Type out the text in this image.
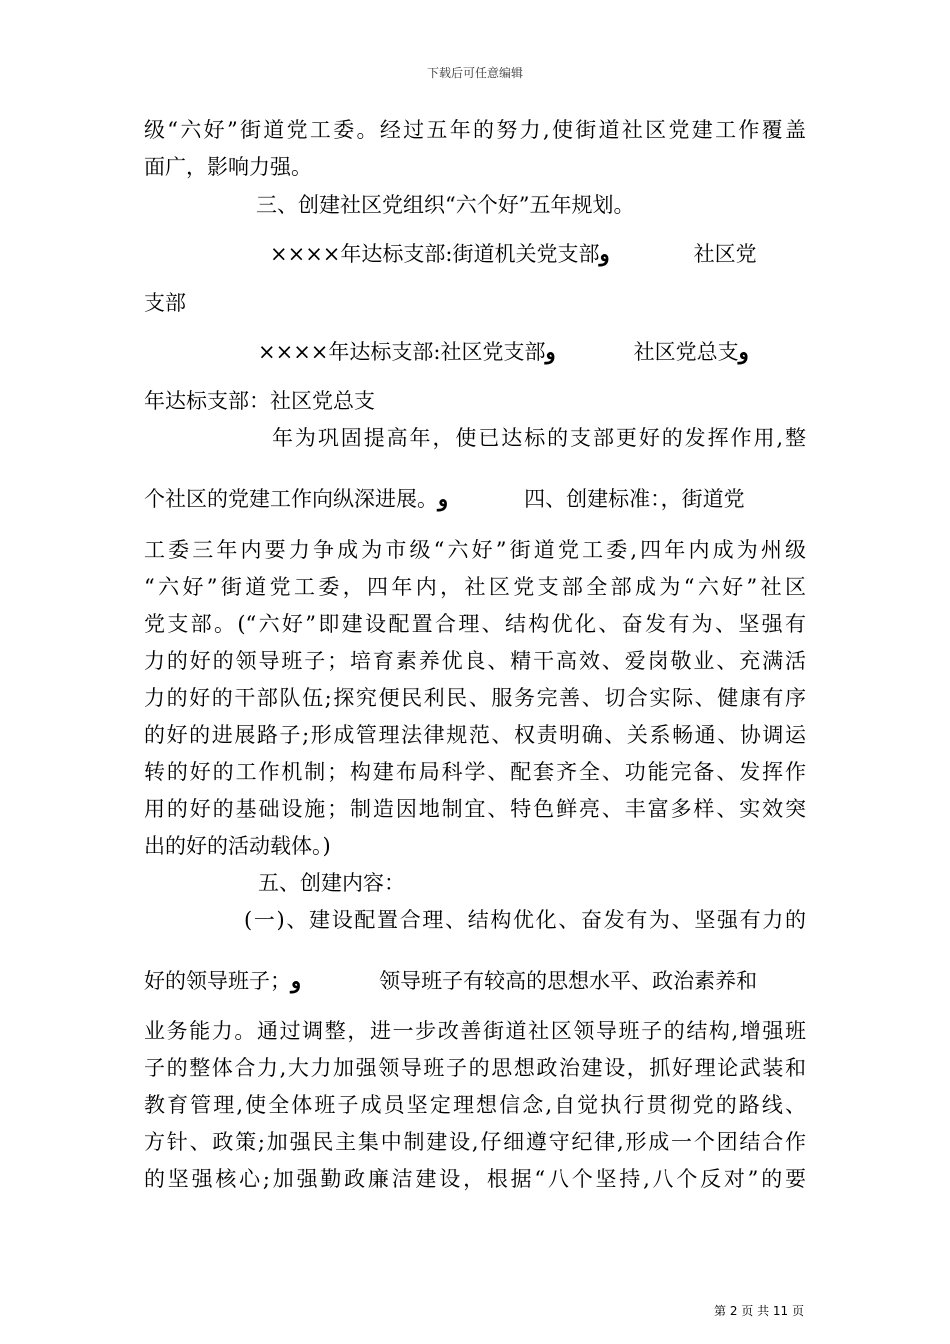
下载后可任意编辑
级“六好”街道党工委。经过五年的努力,使街道社区党建工作覆盖
面广，影响力强。
三、创建社区党组织“六个好”五年规划。
××××年达标支部:街道机关党支部و	社区党
支部
××××年达标支部:社区党支部و	社区党总支و
年达标支部：社区党总支
年为巩固提高年，使已达标的支部更好的发挥作用,整
个社区的党建工作向纵深进展。و	四、创建标准：，街道党
工委三年内要力争成为市级“六好”街道党工委,四年内成为州级
“六好”街道党工委，四年内，社区党支部全部成为“六好”社区
党支部。(“六好”即建设配置合理、结构优化、奋发有为、坚强有
力的好的领导班子；培育素养优良、精干高效、爱岗敬业、充满活
力的好的干部队伍;探究便民利民、服务完善、切合实际、健康有序
的好的进展路子;形成管理法律规范、权责明确、关系畅通、协调运
转的好的工作机制；构建布局科学、配套齐全、功能完备、发挥作
用的好的基础设施；制造因地制宜、特色鲜亮、丰富多样、实效突
出的好的活动载体。)
五、创建内容：
(一)、建设配置合理、结构优化、奋发有为、坚强有力的
好的领导班子；و	领导班子有较高的思想水平、政治素养和
业务能力。通过调整，进一步改善街道社区领导班子的结构,增强班
子的整体合力,大力加强领导班子的思想政治建设，抓好理论武装和
教育管理,使全体班子成员坚定理想信念,自觉执行贯彻党的路线、
方针、政策;加强民主集中制建设,仔细遵守纪律,形成一个团结合作
的坚强核心;加强勤政廉洁建设，根据“八个坚持,八个反对”的要
第 2 页 共 11 页
